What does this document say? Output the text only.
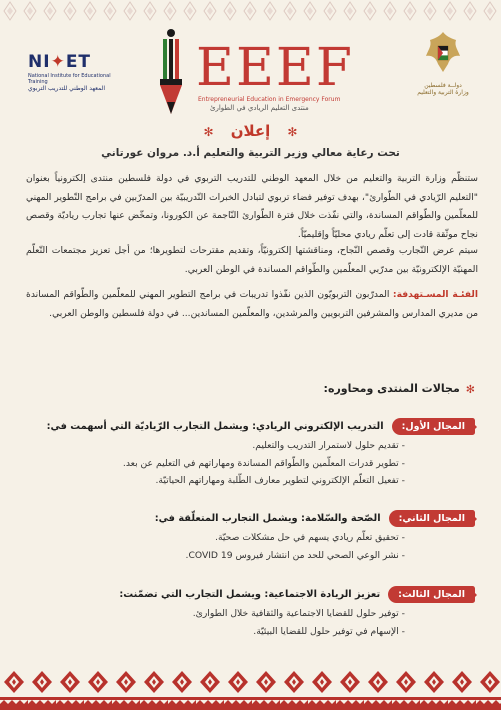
NI✦ET
National Institute for Educational Training
المعهد الوطني للتدريب التربوي	EEEF
Entrepreneurial Education in Emergency Forum
منتدى التعليم الريادي في الطوارئ
دولــة فلسطين
وزارة التربية والتعليم
✻ إعلان ✻
تحت رعاية معالي وزير التربية والتعليم أ.د. مروان عورتاني
ستنظّم وزارة التربية والتعليم من خلال المعهد الوطني للتدريب التربوي في دولة فلسطين منتدى إلكترونياً بعنوان "التعليم الرّيادي في الطّوارئ"، بهدف توفير فضاء تربوي لتبادل الخبرات التّدريبيّة بين المدرّبين في برامج التّطوير المهني للمعلّمين والطّواقم المساندة، والتي نفّذت خلال فترة الطّوارئ النّاجمة عن الكورونا، وتمخّض عنها تجارب رياديّة وقصص نجاح موثّقة قادت إلى تعلّم ريادي محليّاً وإقليميّاً.
سيتم عرض التّجارب وقصص النّجاح، ومناقشتها إلكترونيّاً، وتقديم مقترحات لتطويرها؛ من أجل تعزيز مجتمعات التّعلّم المهنيّة الإلكترونيّة بين مدرّبي المعلّمين والطّواقم المساندة في الوطن العربي.
الفئـة المسـتهدفة: المدرّبون التربويّون الذين نفّذوا تدريبات في برامج التطوير المهني للمعلّمين والطّواقم المساندة من مديري المدارس والمشرفين التربويين والمرشدين، والمعلّمين المساندين... في دولة فلسطين والوطن العربي.
✻مجالات المنتدى ومحاوره:
المجال الأول:
التدريب الإلكتروني الريادي: ويشمل التجارب الرّياديّة التي أسهمت في:
- تقديم حلول لاستمرار التدريب والتعليم.
- تطوير قدرات المعلّمين والطّواقم المساندة ومهاراتهم في التعليم عن بعد.
- تفعيل التعلّم الإلكتروني لتطوير معارف الطّلبة ومهاراتهم الحياتيّة.
المجال الثاني:
الصّحة والسّلامة: ويشمل التجارب المتعلّقة في:
- تحقيق تعلّم ريادي يسهم في حل مشكلات صحيّة.
- نشر الوعي الصحي للحد من انتشار فيروس COVID 19.
المجال الثالث:
تعزيز الريادة الاجتماعية: ويشمل التجارب التي تضمّنت:
- توفير حلول للقضايا الاجتماعية والثقافية خلال الطوارئ.
- الإسهام في توفير حلول للقضايا البيئيّة.
